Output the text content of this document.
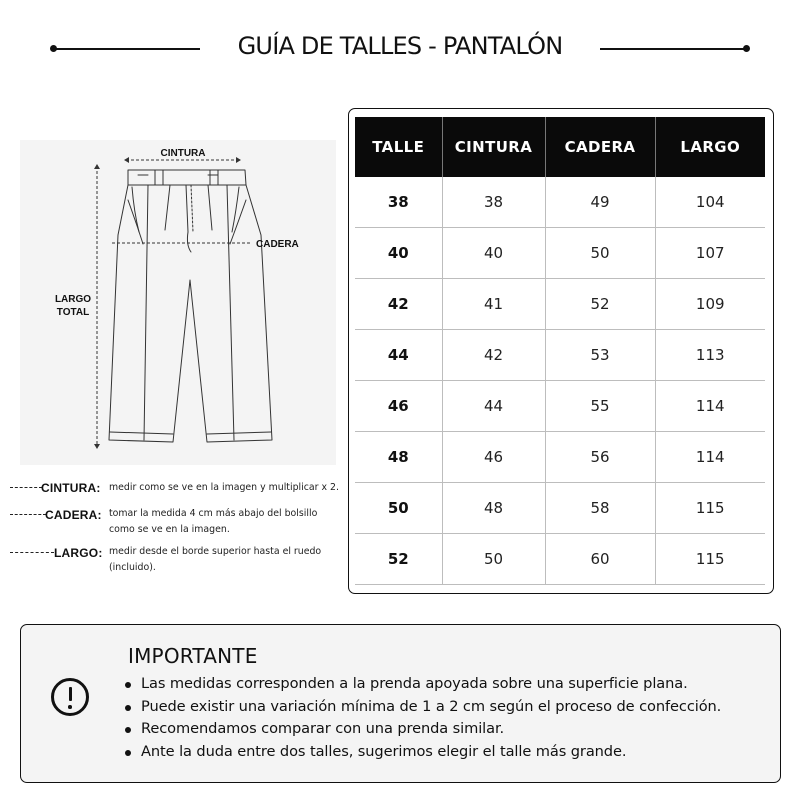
GUÍA DE TALLES - PANTALÓN
CINTURA
CADERA
LARGO
TOTAL
CINTURA: medir como se ve en la imagen y multiplicar x 2.
CADERA: tomar la medida 4 cm más abajo del bolsillo
como se ve en la imagen.
LARGO: medir desde el borde superior hasta el ruedo
(incluido).
TALLE	CINTURA	CADERA	LARGO
38	38	49	104
40	40	50	107
42	41	52	109
44	42	53	113
46	44	55	114
48	46	56	114
50	48	58	115
52	50	60	115
IMPORTANTE
Las medidas corresponden a la prenda apoyada sobre una superficie plana.
Puede existir una variación mínima de 1 a 2 cm según el proceso de confección.
Recomendamos comparar con una prenda similar.
Ante la duda entre dos talles, sugerimos elegir el talle más grande.
